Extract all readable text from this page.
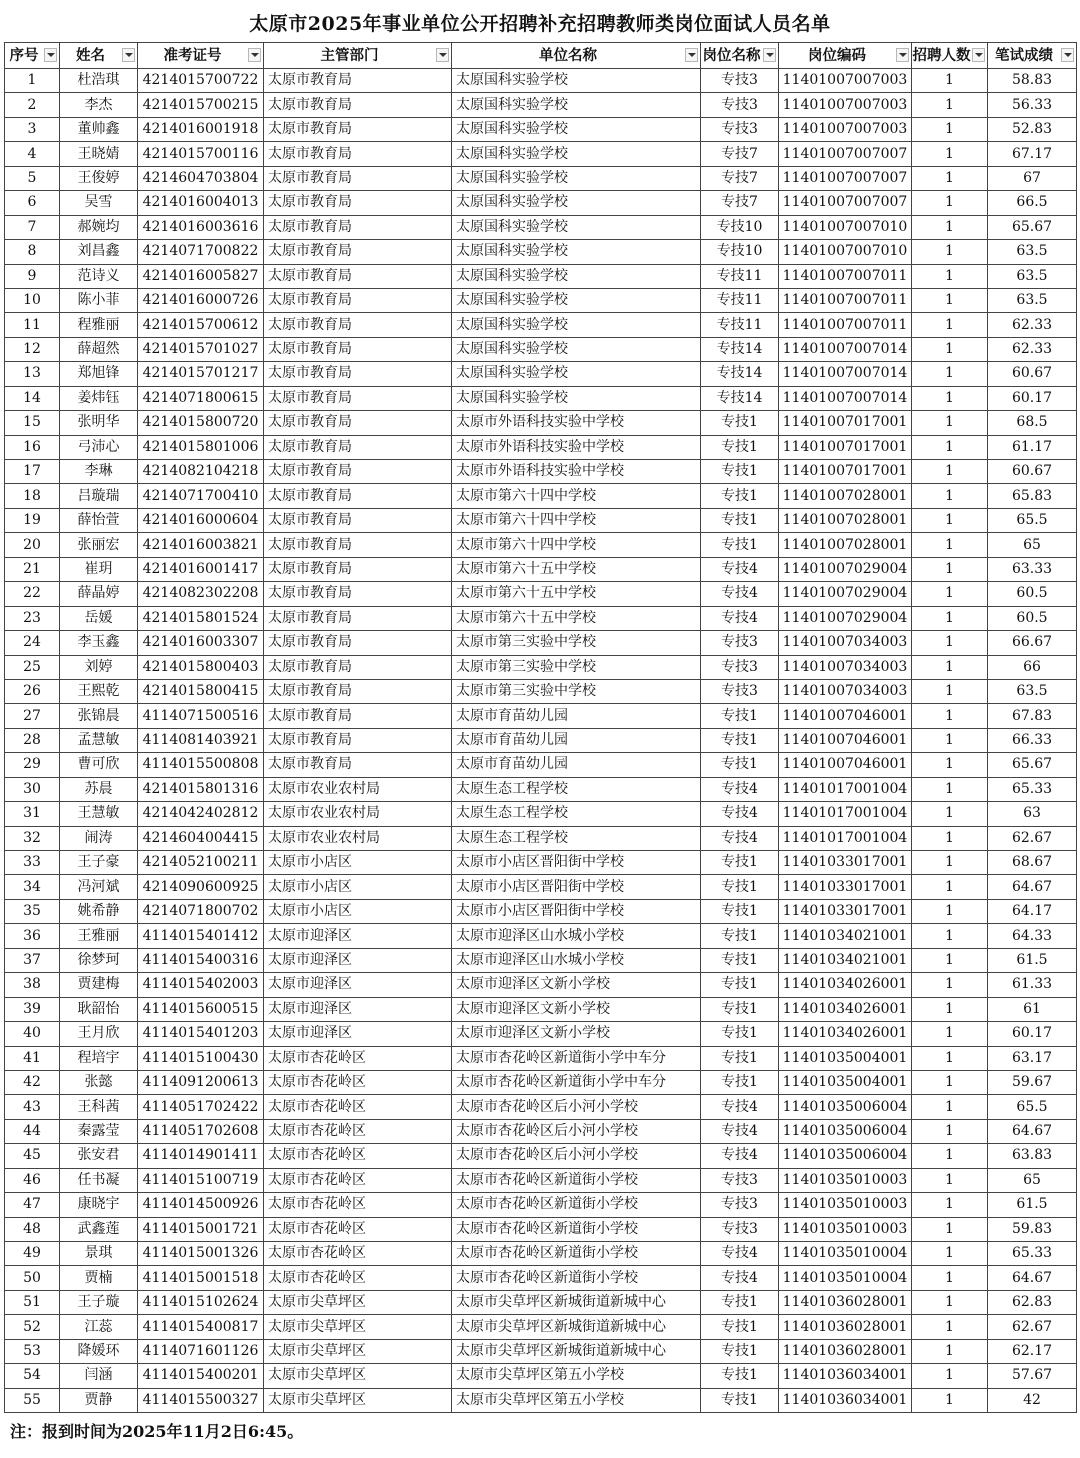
太原市2025年事业单位公开招聘补充招聘教师类岗位面试人员名单
序号	姓名	准考证号	主管部门	单位名称	岗位名称	岗位编码	招聘人数	笔试成绩

1	杜浩琪	4214015700722	太原市教育局	太原国科实验学校	专技3	11401007007003	1	58.83
2	李杰	4214015700215	太原市教育局	太原国科实验学校	专技3	11401007007003	1	56.33
3	董帅鑫	4214016001918	太原市教育局	太原国科实验学校	专技3	11401007007003	1	52.83
4	王晓婧	4214015700116	太原市教育局	太原国科实验学校	专技7	11401007007007	1	67.17
5	王俊婷	4214604703804	太原市教育局	太原国科实验学校	专技7	11401007007007	1	67
6	吴雪	4214016004013	太原市教育局	太原国科实验学校	专技7	11401007007007	1	66.5
7	郝婉均	4214016003616	太原市教育局	太原国科实验学校	专技10	11401007007010	1	65.67
8	刘昌鑫	4214071700822	太原市教育局	太原国科实验学校	专技10	11401007007010	1	63.5
9	范诗义	4214016005827	太原市教育局	太原国科实验学校	专技11	11401007007011	1	63.5
10	陈小菲	4214016000726	太原市教育局	太原国科实验学校	专技11	11401007007011	1	63.5
11	程雅丽	4214015700612	太原市教育局	太原国科实验学校	专技11	11401007007011	1	62.33
12	薛超然	4214015701027	太原市教育局	太原国科实验学校	专技14	11401007007014	1	62.33
13	郑旭锋	4214015701217	太原市教育局	太原国科实验学校	专技14	11401007007014	1	60.67
14	姜炜钰	4214071800615	太原市教育局	太原国科实验学校	专技14	11401007007014	1	60.17
15	张明华	4214015800720	太原市教育局	太原市外语科技实验中学校	专技1	11401007017001	1	68.5
16	弓沛心	4214015801006	太原市教育局	太原市外语科技实验中学校	专技1	11401007017001	1	61.17
17	李琳	4214082104218	太原市教育局	太原市外语科技实验中学校	专技1	11401007017001	1	60.67
18	吕璇瑞	4214071700410	太原市教育局	太原市第六十四中学校	专技1	11401007028001	1	65.83
19	薛怡萱	4214016000604	太原市教育局	太原市第六十四中学校	专技1	11401007028001	1	65.5
20	张丽宏	4214016003821	太原市教育局	太原市第六十四中学校	专技1	11401007028001	1	65
21	崔玥	4214016001417	太原市教育局	太原市第六十五中学校	专技4	11401007029004	1	63.33
22	薛晶婷	4214082302208	太原市教育局	太原市第六十五中学校	专技4	11401007029004	1	60.5
23	岳媛	4214015801524	太原市教育局	太原市第六十五中学校	专技4	11401007029004	1	60.5
24	李玉鑫	4214016003307	太原市教育局	太原市第三实验中学校	专技3	11401007034003	1	66.67
25	刘婷	4214015800403	太原市教育局	太原市第三实验中学校	专技3	11401007034003	1	66
26	王熙乾	4214015800415	太原市教育局	太原市第三实验中学校	专技3	11401007034003	1	63.5
27	张锦晨	4114071500516	太原市教育局	太原市育苗幼儿园	专技1	11401007046001	1	67.83
28	孟慧敏	4114081403921	太原市教育局	太原市育苗幼儿园	专技1	11401007046001	1	66.33
29	曹可欣	4114015500808	太原市教育局	太原市育苗幼儿园	专技1	11401007046001	1	65.67
30	苏晨	4214015801316	太原市农业农村局	太原生态工程学校	专技4	11401017001004	1	65.33
31	王慧敏	4214042402812	太原市农业农村局	太原生态工程学校	专技4	11401017001004	1	63
32	闹涛	4214604004415	太原市农业农村局	太原生态工程学校	专技4	11401017001004	1	62.67
33	王子豪	4214052100211	太原市小店区	太原市小店区晋阳街中学校	专技1	11401033017001	1	68.67
34	冯河斌	4214090600925	太原市小店区	太原市小店区晋阳街中学校	专技1	11401033017001	1	64.67
35	姚希静	4214071800702	太原市小店区	太原市小店区晋阳街中学校	专技1	11401033017001	1	64.17
36	王雅丽	4114015401412	太原市迎泽区	太原市迎泽区山水城小学校	专技1	11401034021001	1	64.33
37	徐梦珂	4114015400316	太原市迎泽区	太原市迎泽区山水城小学校	专技1	11401034021001	1	61.5
38	贾建梅	4114015402003	太原市迎泽区	太原市迎泽区文新小学校	专技1	11401034026001	1	61.33
39	耿韶怡	4114015600515	太原市迎泽区	太原市迎泽区文新小学校	专技1	11401034026001	1	61
40	王月欣	4114015401203	太原市迎泽区	太原市迎泽区文新小学校	专技1	11401034026001	1	60.17
41	程培宇	4114015100430	太原市杏花岭区	太原市杏花岭区新道街小学中车分	专技1	11401035004001	1	63.17
42	张懿	4114091200613	太原市杏花岭区	太原市杏花岭区新道街小学中车分	专技1	11401035004001	1	59.67
43	王科茜	4114051702422	太原市杏花岭区	太原市杏花岭区后小河小学校	专技4	11401035006004	1	65.5
44	秦露莹	4114051702608	太原市杏花岭区	太原市杏花岭区后小河小学校	专技4	11401035006004	1	64.67
45	张安君	4114014901411	太原市杏花岭区	太原市杏花岭区后小河小学校	专技4	11401035006004	1	63.83
46	任书凝	4114015100719	太原市杏花岭区	太原市杏花岭区新道街小学校	专技3	11401035010003	1	65
47	康晓宇	4114014500926	太原市杏花岭区	太原市杏花岭区新道街小学校	专技3	11401035010003	1	61.5
48	武鑫莲	4114015001721	太原市杏花岭区	太原市杏花岭区新道街小学校	专技3	11401035010003	1	59.83
49	景琪	4114015001326	太原市杏花岭区	太原市杏花岭区新道街小学校	专技4	11401035010004	1	65.33
50	贾楠	4114015001518	太原市杏花岭区	太原市杏花岭区新道街小学校	专技4	11401035010004	1	64.67
51	王子璇	4114015102624	太原市尖草坪区	太原市尖草坪区新城街道新城中心	专技1	11401036028001	1	62.83
52	江蕊	4114015400817	太原市尖草坪区	太原市尖草坪区新城街道新城中心	专技1	11401036028001	1	62.67
53	降媛环	4114071601126	太原市尖草坪区	太原市尖草坪区新城街道新城中心	专技1	11401036028001	1	62.17
54	闫涵	4114015400201	太原市尖草坪区	太原市尖草坪区第五小学校	专技1	11401036034001	1	57.67
55	贾静	4114015500327	太原市尖草坪区	太原市尖草坪区第五小学校	专技1	11401036034001	1	42
注：报到时间为2025年11月2日6:45。
